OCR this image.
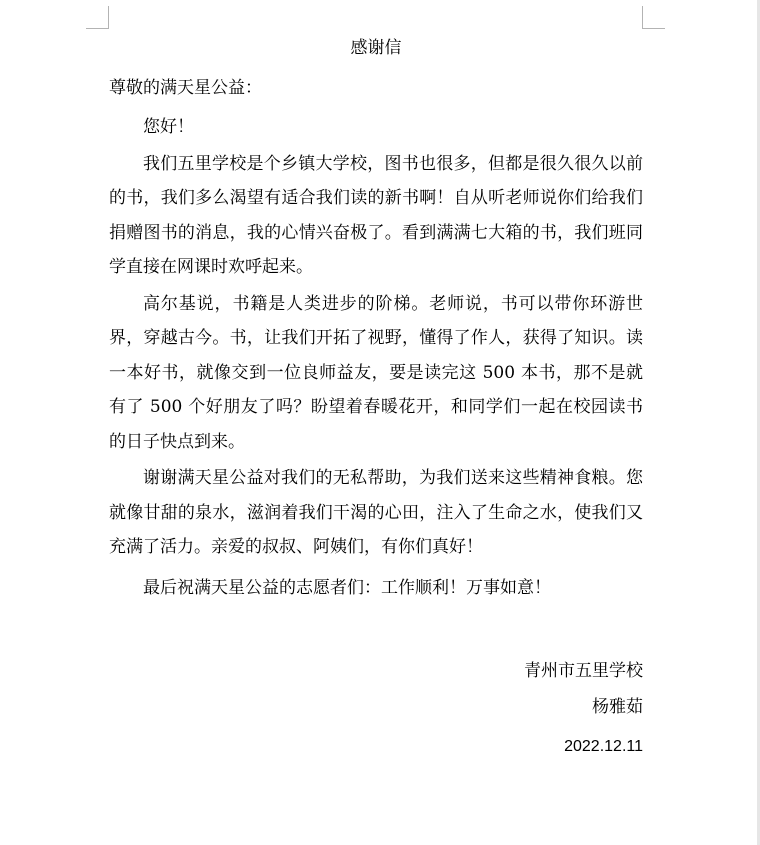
感谢信

尊敬的满天星公益：

您好！

我们五里学校是个乡镇大学校，图书也很多，但都是很久很久以前的书，我们多么渴望有适合我们读的新书啊！自从听老师说你们给我们捐赠图书的消息，我的心情兴奋极了。看到满满七大箱的书，我们班同学直接在网课时欢呼起来。

高尔基说，书籍是人类进步的阶梯。老师说，书可以带你环游世界，穿越古今。书，让我们开拓了视野，懂得了作人，获得了知识。读一本好书，就像交到一位良师益友，要是读完这 500 本书，那不是就有了 500 个好朋友了吗？盼望着春暖花开，和同学们一起在校园读书的日子快点到来。

谢谢满天星公益对我们的无私帮助，为我们送来这些精神食粮。您就像甘甜的泉水，滋润着我们干渴的心田，注入了生命之水，使我们又充满了活力。亲爱的叔叔、阿姨们，有你们真好！

最后祝满天星公益的志愿者们：工作顺利！万事如意！

青州市五里学校

杨雅茹

2022.12.11
